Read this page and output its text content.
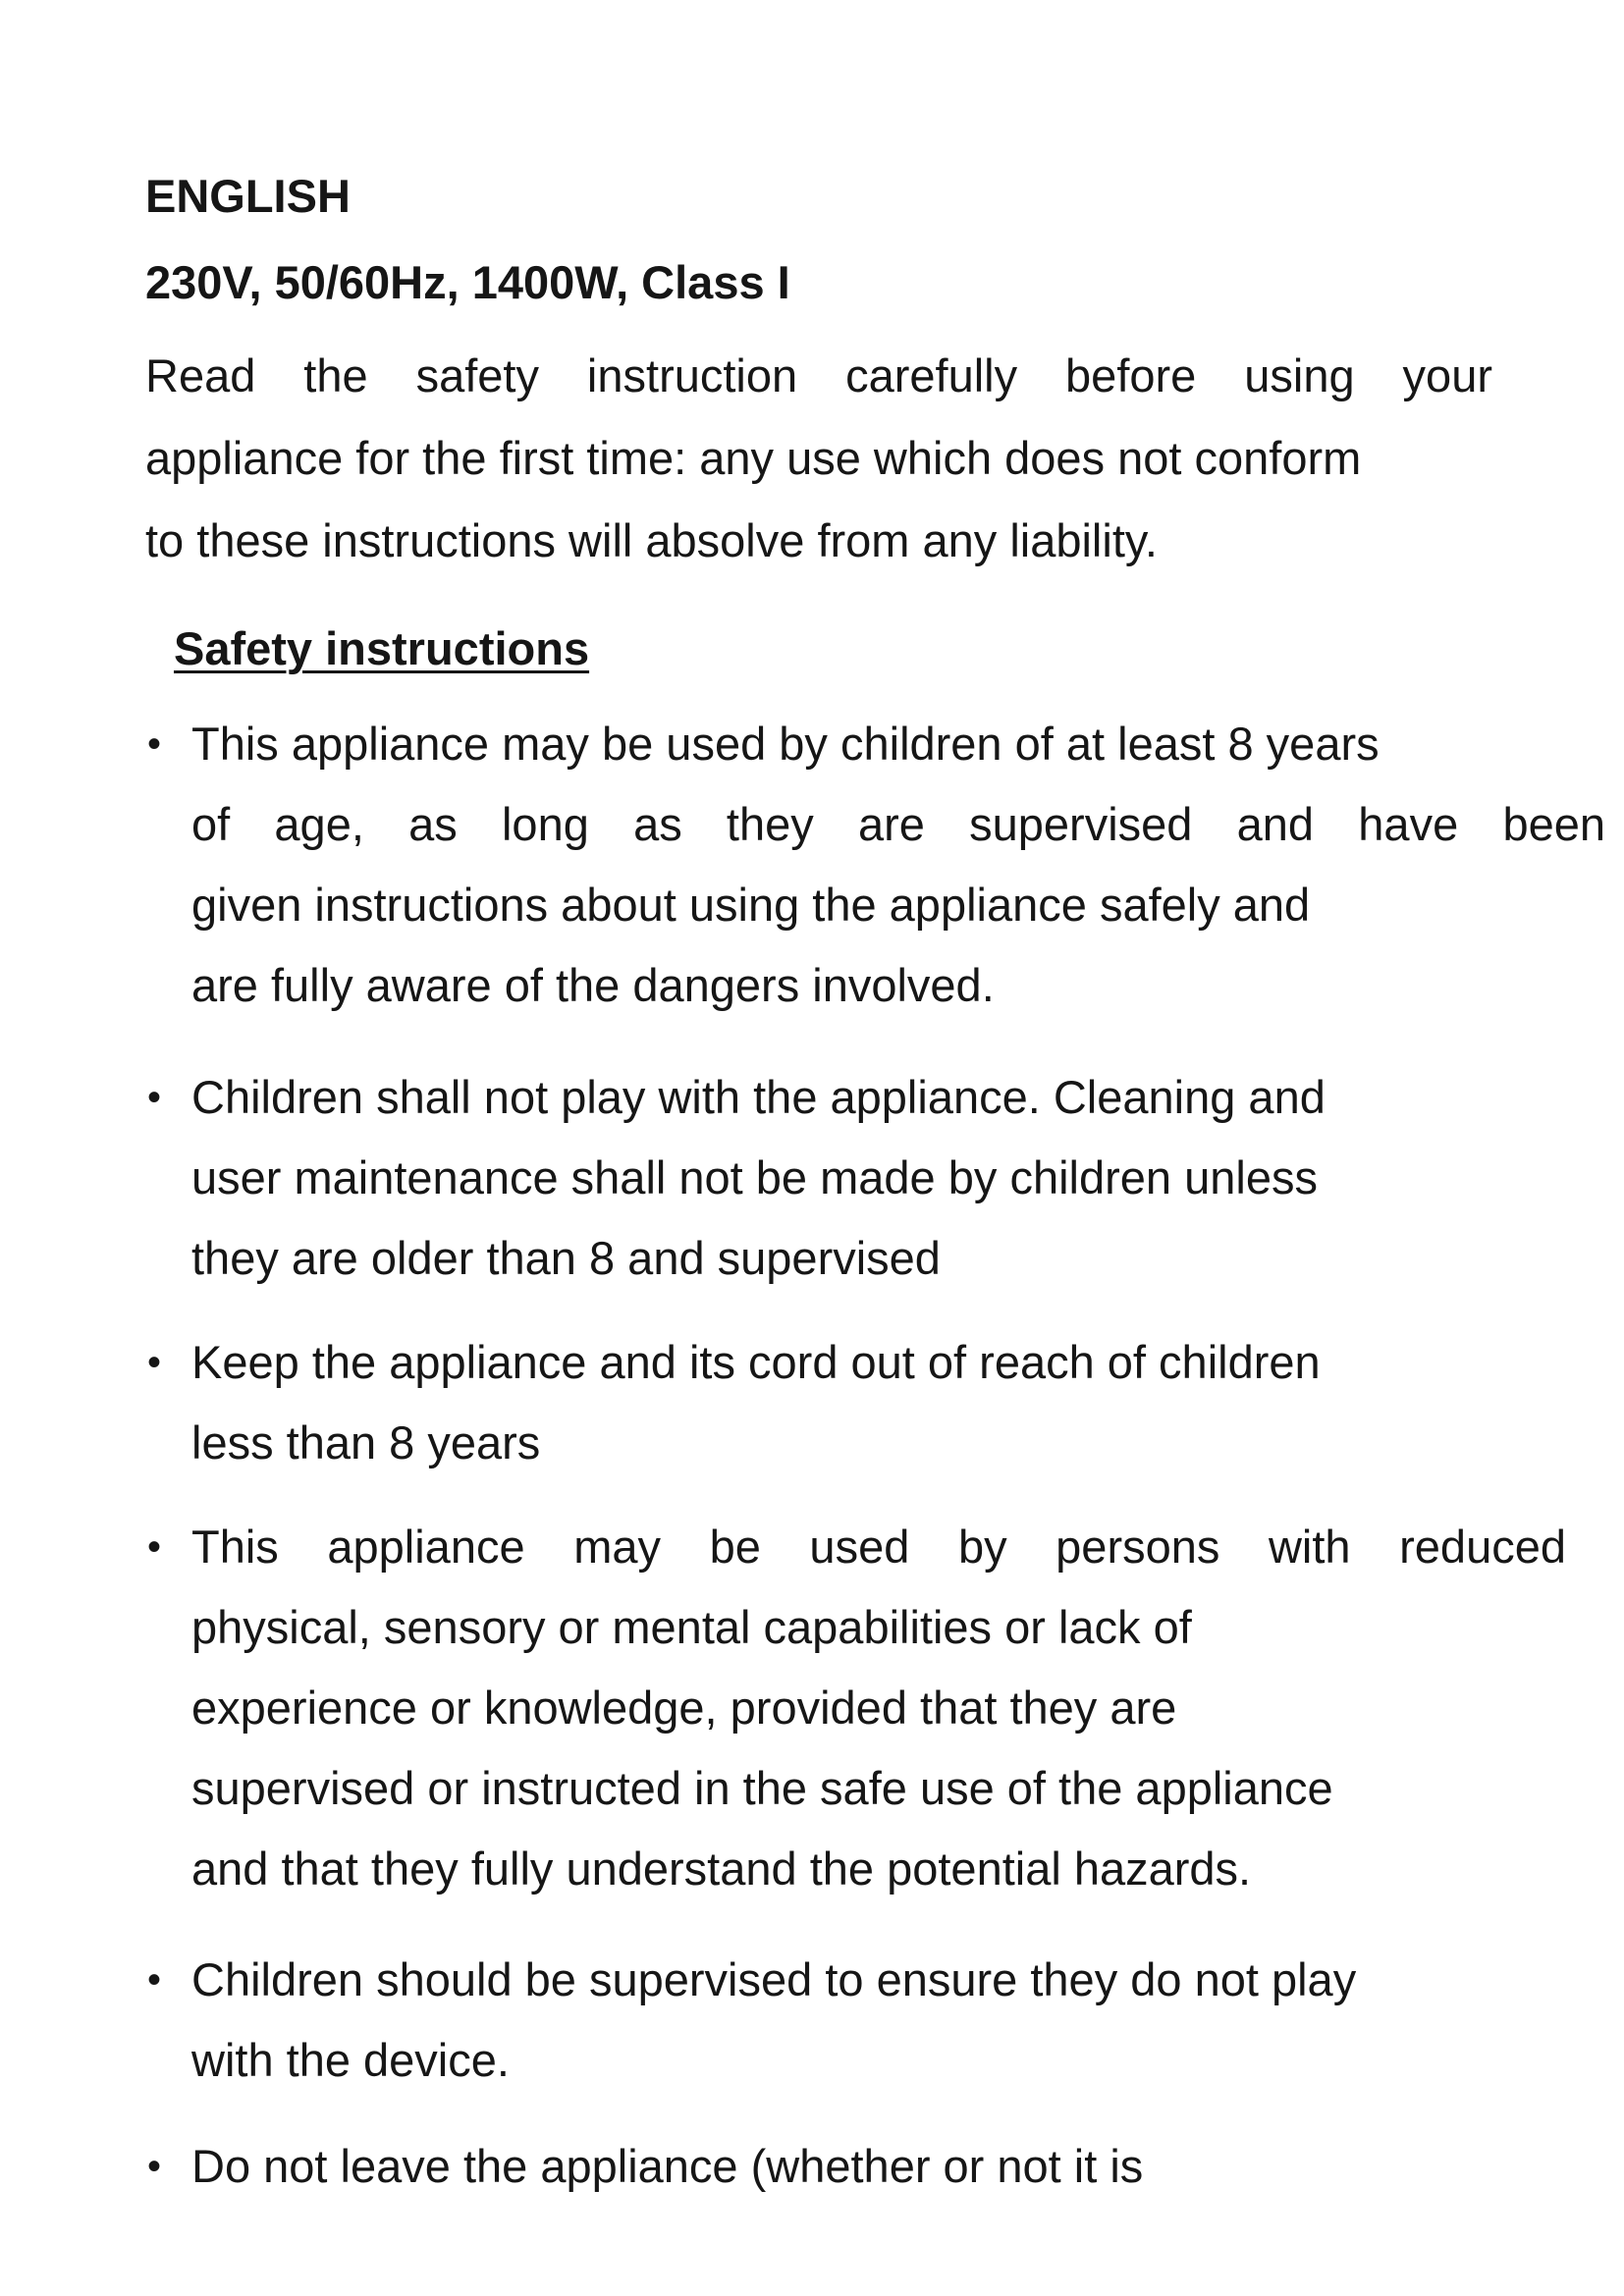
ENGLISH
230V, 50/60Hz, 1400W, Class I

Read the safety instruction carefully before using your
appliance for the first time: any use which does not conform
to these instructions will absolve from any liability.

Safety instructions
• This appliance may be used by children of at least 8 years
of age, as long as they are supervised and have been
given instructions about using the appliance safely and
are fully aware of the dangers involved.
• Children shall not play with the appliance. Cleaning and
user maintenance shall not be made by children unless
they are older than 8 and supervised
• Keep the appliance and its cord out of reach of children
less than 8 years
• This appliance may be used by persons with reduced
physical, sensory or mental capabilities or lack of
experience or knowledge, provided that they are
supervised or instructed in the safe use of the appliance
and that they fully understand the potential hazards.
• Children should be supervised to ensure they do not play
with the device.
• Do not leave the appliance (whether or not it is
